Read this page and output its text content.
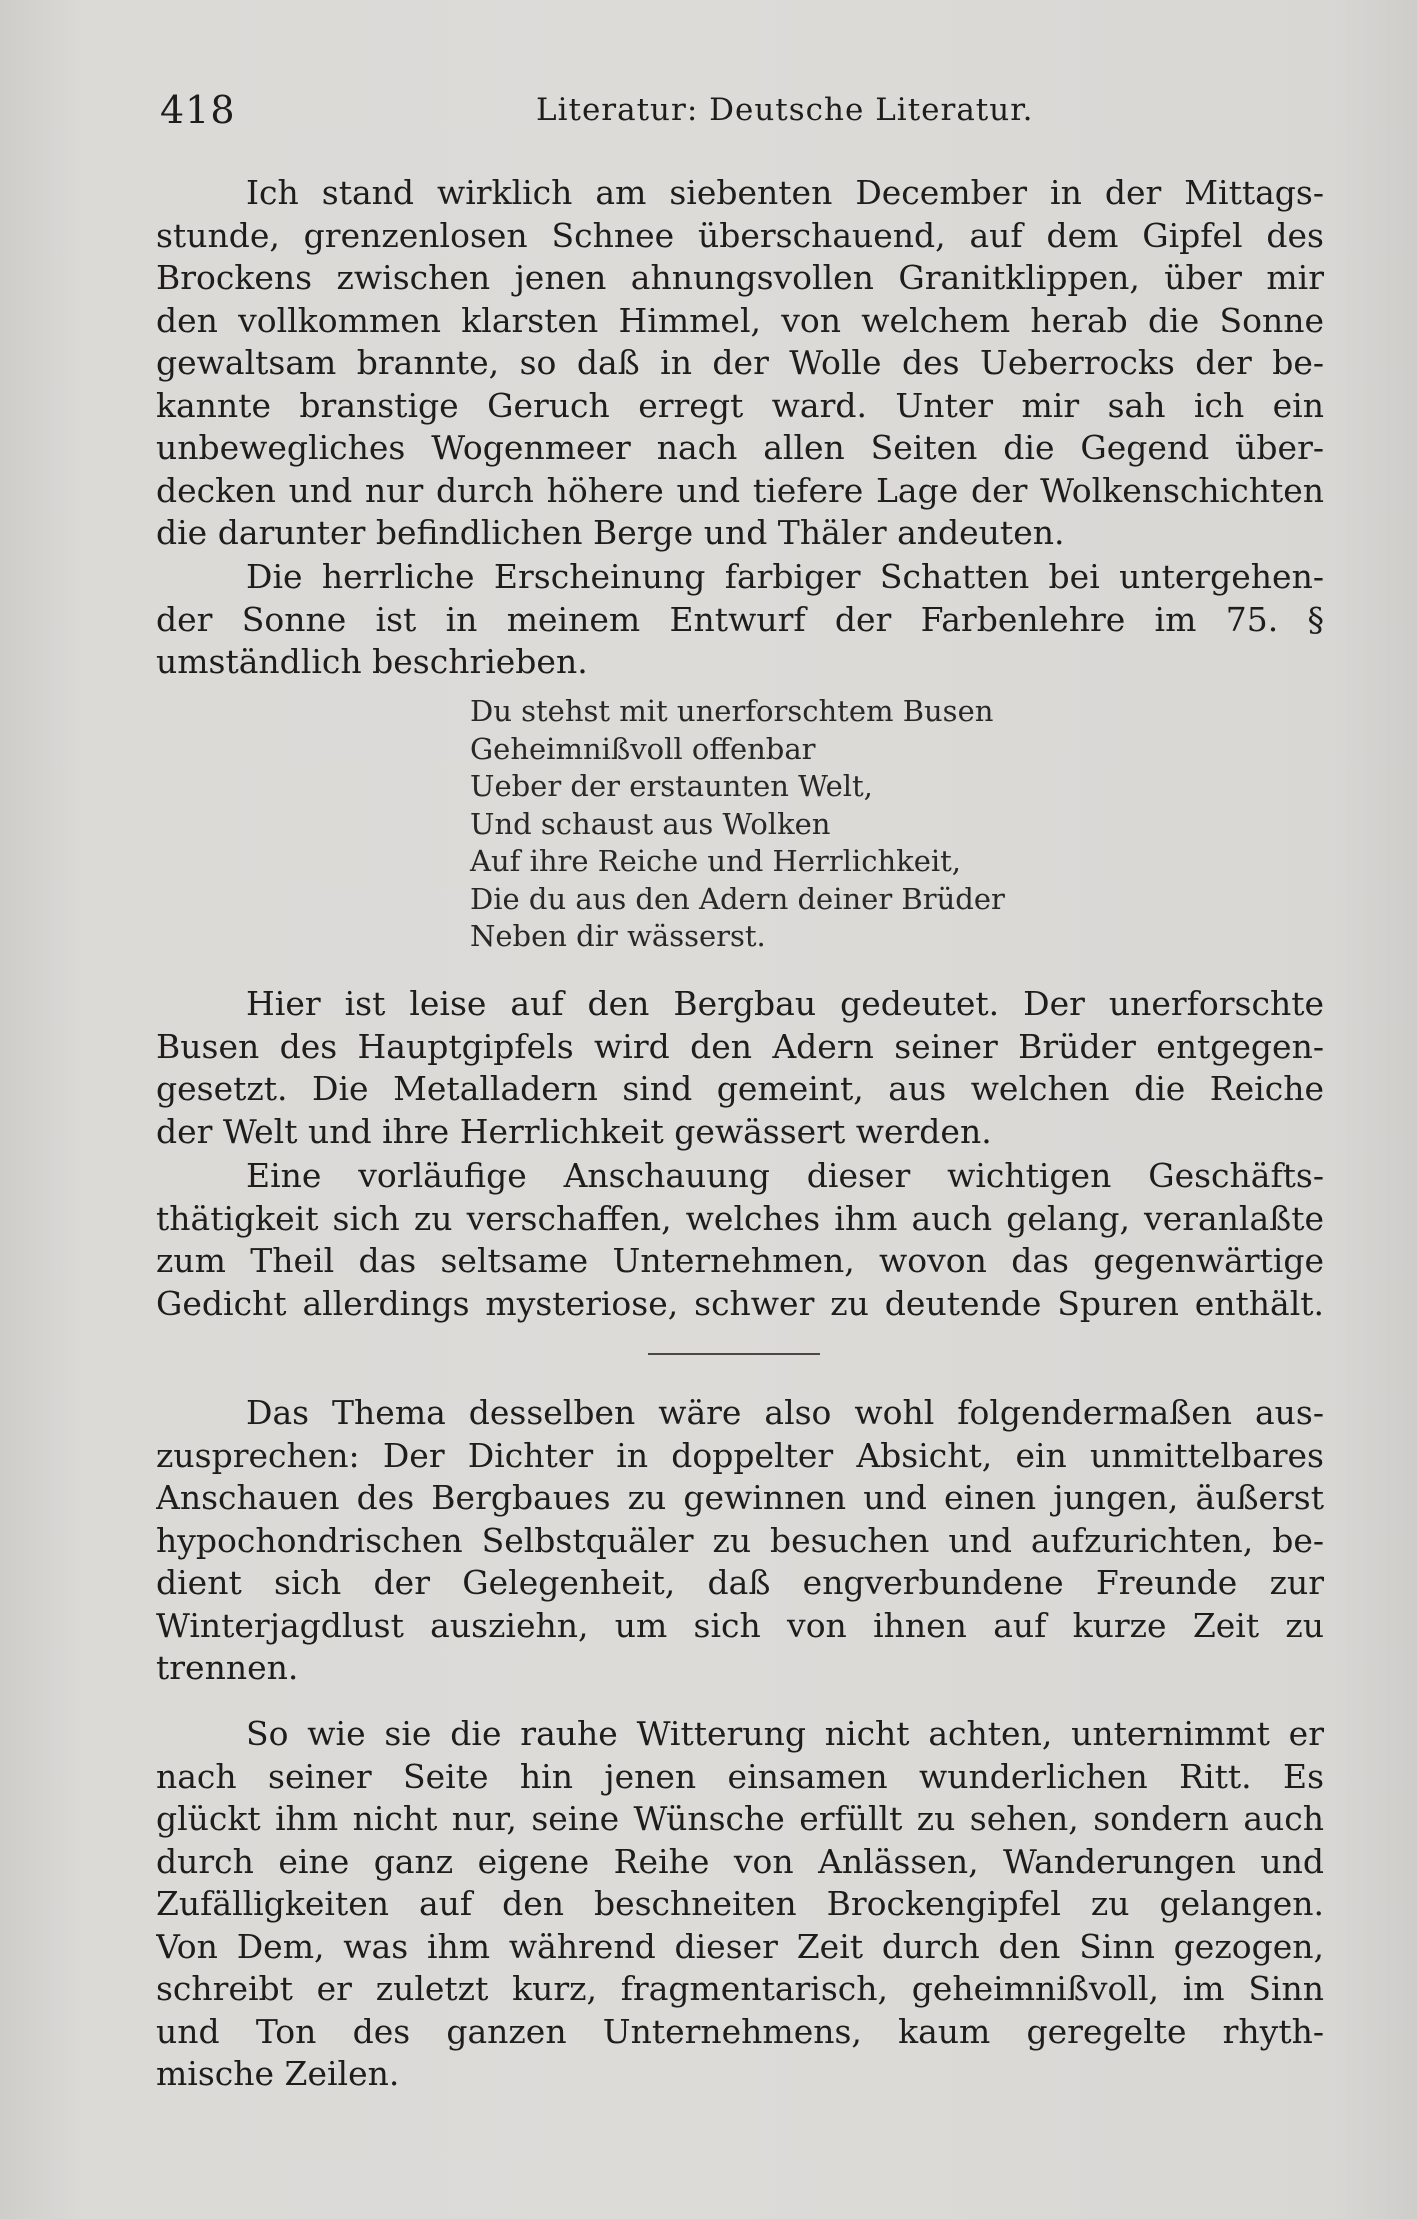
418	Literatur: Deutsche Literatur.
Ich stand wirklich am siebenten December in der Mittags-
stunde, grenzenlosen Schnee überschauend, auf dem Gipfel des
Brockens zwischen jenen ahnungsvollen Granitklippen, über mir
den vollkommen klarsten Himmel, von welchem herab die Sonne
gewaltsam brannte, so daß in der Wolle des Ueberrocks der be-
kannte branstige Geruch erregt ward. Unter mir sah ich ein
unbewegliches Wogenmeer nach allen Seiten die Gegend über-
decken und nur durch höhere und tiefere Lage der Wolkenschichten
die darunter befindlichen Berge und Thäler andeuten.
Die herrliche Erscheinung farbiger Schatten bei untergehen-
der Sonne ist in meinem Entwurf der Farbenlehre im 75. §
umständlich beschrieben.
Du stehst mit unerforschtem Busen
Geheimnißvoll offenbar
Ueber der erstaunten Welt,
Und schaust aus Wolken
Auf ihre Reiche und Herrlichkeit,
Die du aus den Adern deiner Brüder
Neben dir wässerst.
Hier ist leise auf den Bergbau gedeutet. Der unerforschte
Busen des Hauptgipfels wird den Adern seiner Brüder entgegen-
gesetzt. Die Metalladern sind gemeint, aus welchen die Reiche
der Welt und ihre Herrlichkeit gewässert werden.
Eine vorläufige Anschauung dieser wichtigen Geschäfts-
thätigkeit sich zu verschaffen, welches ihm auch gelang, veranlaßte
zum Theil das seltsame Unternehmen, wovon das gegenwärtige
Gedicht allerdings mysteriose, schwer zu deutende Spuren enthält.
Das Thema desselben wäre also wohl folgendermaßen aus-
zusprechen: Der Dichter in doppelter Absicht, ein unmittelbares
Anschauen des Bergbaues zu gewinnen und einen jungen, äußerst
hypochondrischen Selbstquäler zu besuchen und aufzurichten, be-
dient sich der Gelegenheit, daß engverbundene Freunde zur
Winterjagdlust ausziehn, um sich von ihnen auf kurze Zeit zu
trennen.
So wie sie die rauhe Witterung nicht achten, unternimmt er
nach seiner Seite hin jenen einsamen wunderlichen Ritt. Es
glückt ihm nicht nur, seine Wünsche erfüllt zu sehen, sondern auch
durch eine ganz eigene Reihe von Anlässen, Wanderungen und
Zufälligkeiten auf den beschneiten Brockengipfel zu gelangen.
Von Dem, was ihm während dieser Zeit durch den Sinn gezogen,
schreibt er zuletzt kurz, fragmentarisch, geheimnißvoll, im Sinn
und Ton des ganzen Unternehmens, kaum geregelte rhyth-
mische Zeilen.
